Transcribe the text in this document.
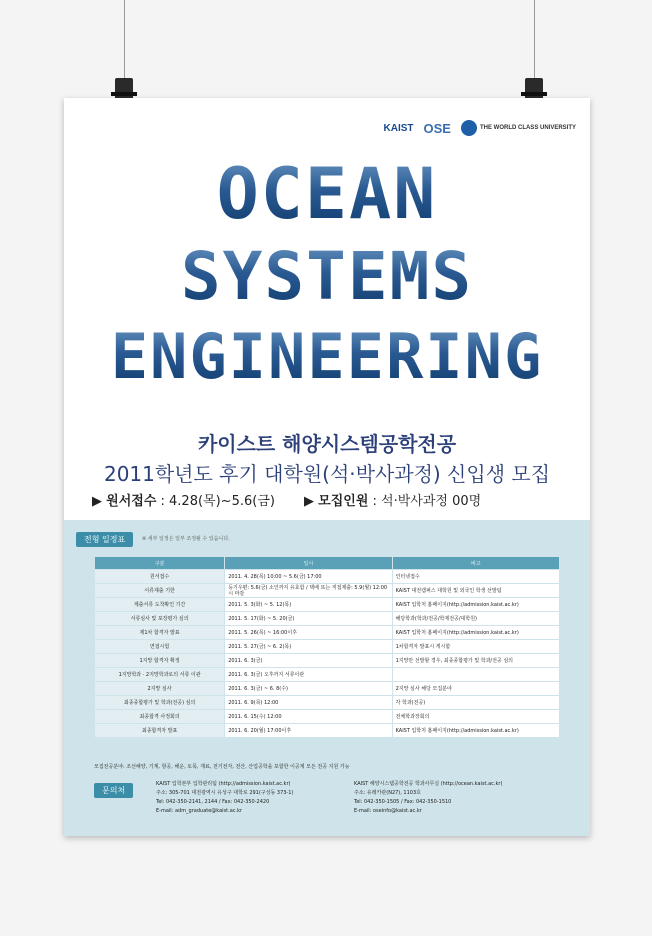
KAIST OSE	THE WORLD CLASS UNIVERSITY
OCEAN
SYSTEMS
ENGINEERING
카이스트 해양시스템공학전공
2011학년도 후기 대학원(석·박사과정) 신입생 모집
▶ 원서접수 : 4.28(목)~5.6(금) ▶ 모집인원 : 석·박사과정 00명
전형 일정표	※ 세부 일정은 일부 조정될 수 있습니다.
구분	일시	비고
원서접수	2011. 4. 28(목) 10:00 ~ 5.6(금) 17:00	인터넷접수
서류제출 기한	등기우편: 5.6(금) 소인까지 유효함 / 택배 또는 직접제출: 5.9(월) 12:00시 마감	KAIST 대전캠퍼스 대학원 및 외국인 학생 선발팀
제출서류 도착확인 기간	2011. 5. 3(화) ~ 5. 12(목)	KAIST 입학처 홈페이지(http://admission.kaist.ac.kr)
서류심사 및 포장평가 심의	2011. 5. 17(화) ~ 5. 20(금)	해당학과(학과/전공/학제전공/대학원)
제1차 합격자 발표	2011. 5. 26(목) ~ 16:00이후	KAIST 입학처 홈페이지(http://admission.kaist.ac.kr)
면접시험	2011. 5. 27(금) ~ 6. 2(목)	1차합격자 발표시 게시함
1지망 합격자 확정	2011. 6. 3(금)	1지망만 선발할 경우, 최종종합평가 및 학과/전공 심의
1지망학과 · 2지망학과로의 서류 이관	2011. 6. 3(금) 오후까지 서류이관	
2지망 심사	2011. 6. 3(금) ~ 6. 8(수)	2지망 심사 해당 모집분야
최종종합평가 및 학과(전공) 심의	2011. 6. 9(목) 12:00	각 학과(전공)
최종합격 사정회의	2011. 6. 15(수) 12:00	전체학과장회의
최종합격자 발표	2011. 6. 20(월) 17:00이후	KAIST 입학처 홈페이지(http://admission.kaist.ac.kr)
모집전공분야: 조선해양, 기계, 항공, 해운, 토목, 재료, 전기전자, 전산, 산업공학을 포함한 이공계 모든 전공 지원 가능
문의처
KAIST 입학본부 입학관리팀 (http://admission.kaist.ac.kr)
주소: 305-701 대전광역시 유성구 대학로 291(구성동 373-1)
Tel: 042-350-2141, 2144 / Fax: 042-350-2420
E-mail: adm_graduate@kaist.ac.kr
KAIST 해양시스템공학전공 학과사무실 (http://ocean.kaist.ac.kr)
주소: 유레카관(N27), 1103호
Tel: 042-350-1505 / Fax: 042-350-1510
E-mail: oseinfo@kaist.ac.kr
